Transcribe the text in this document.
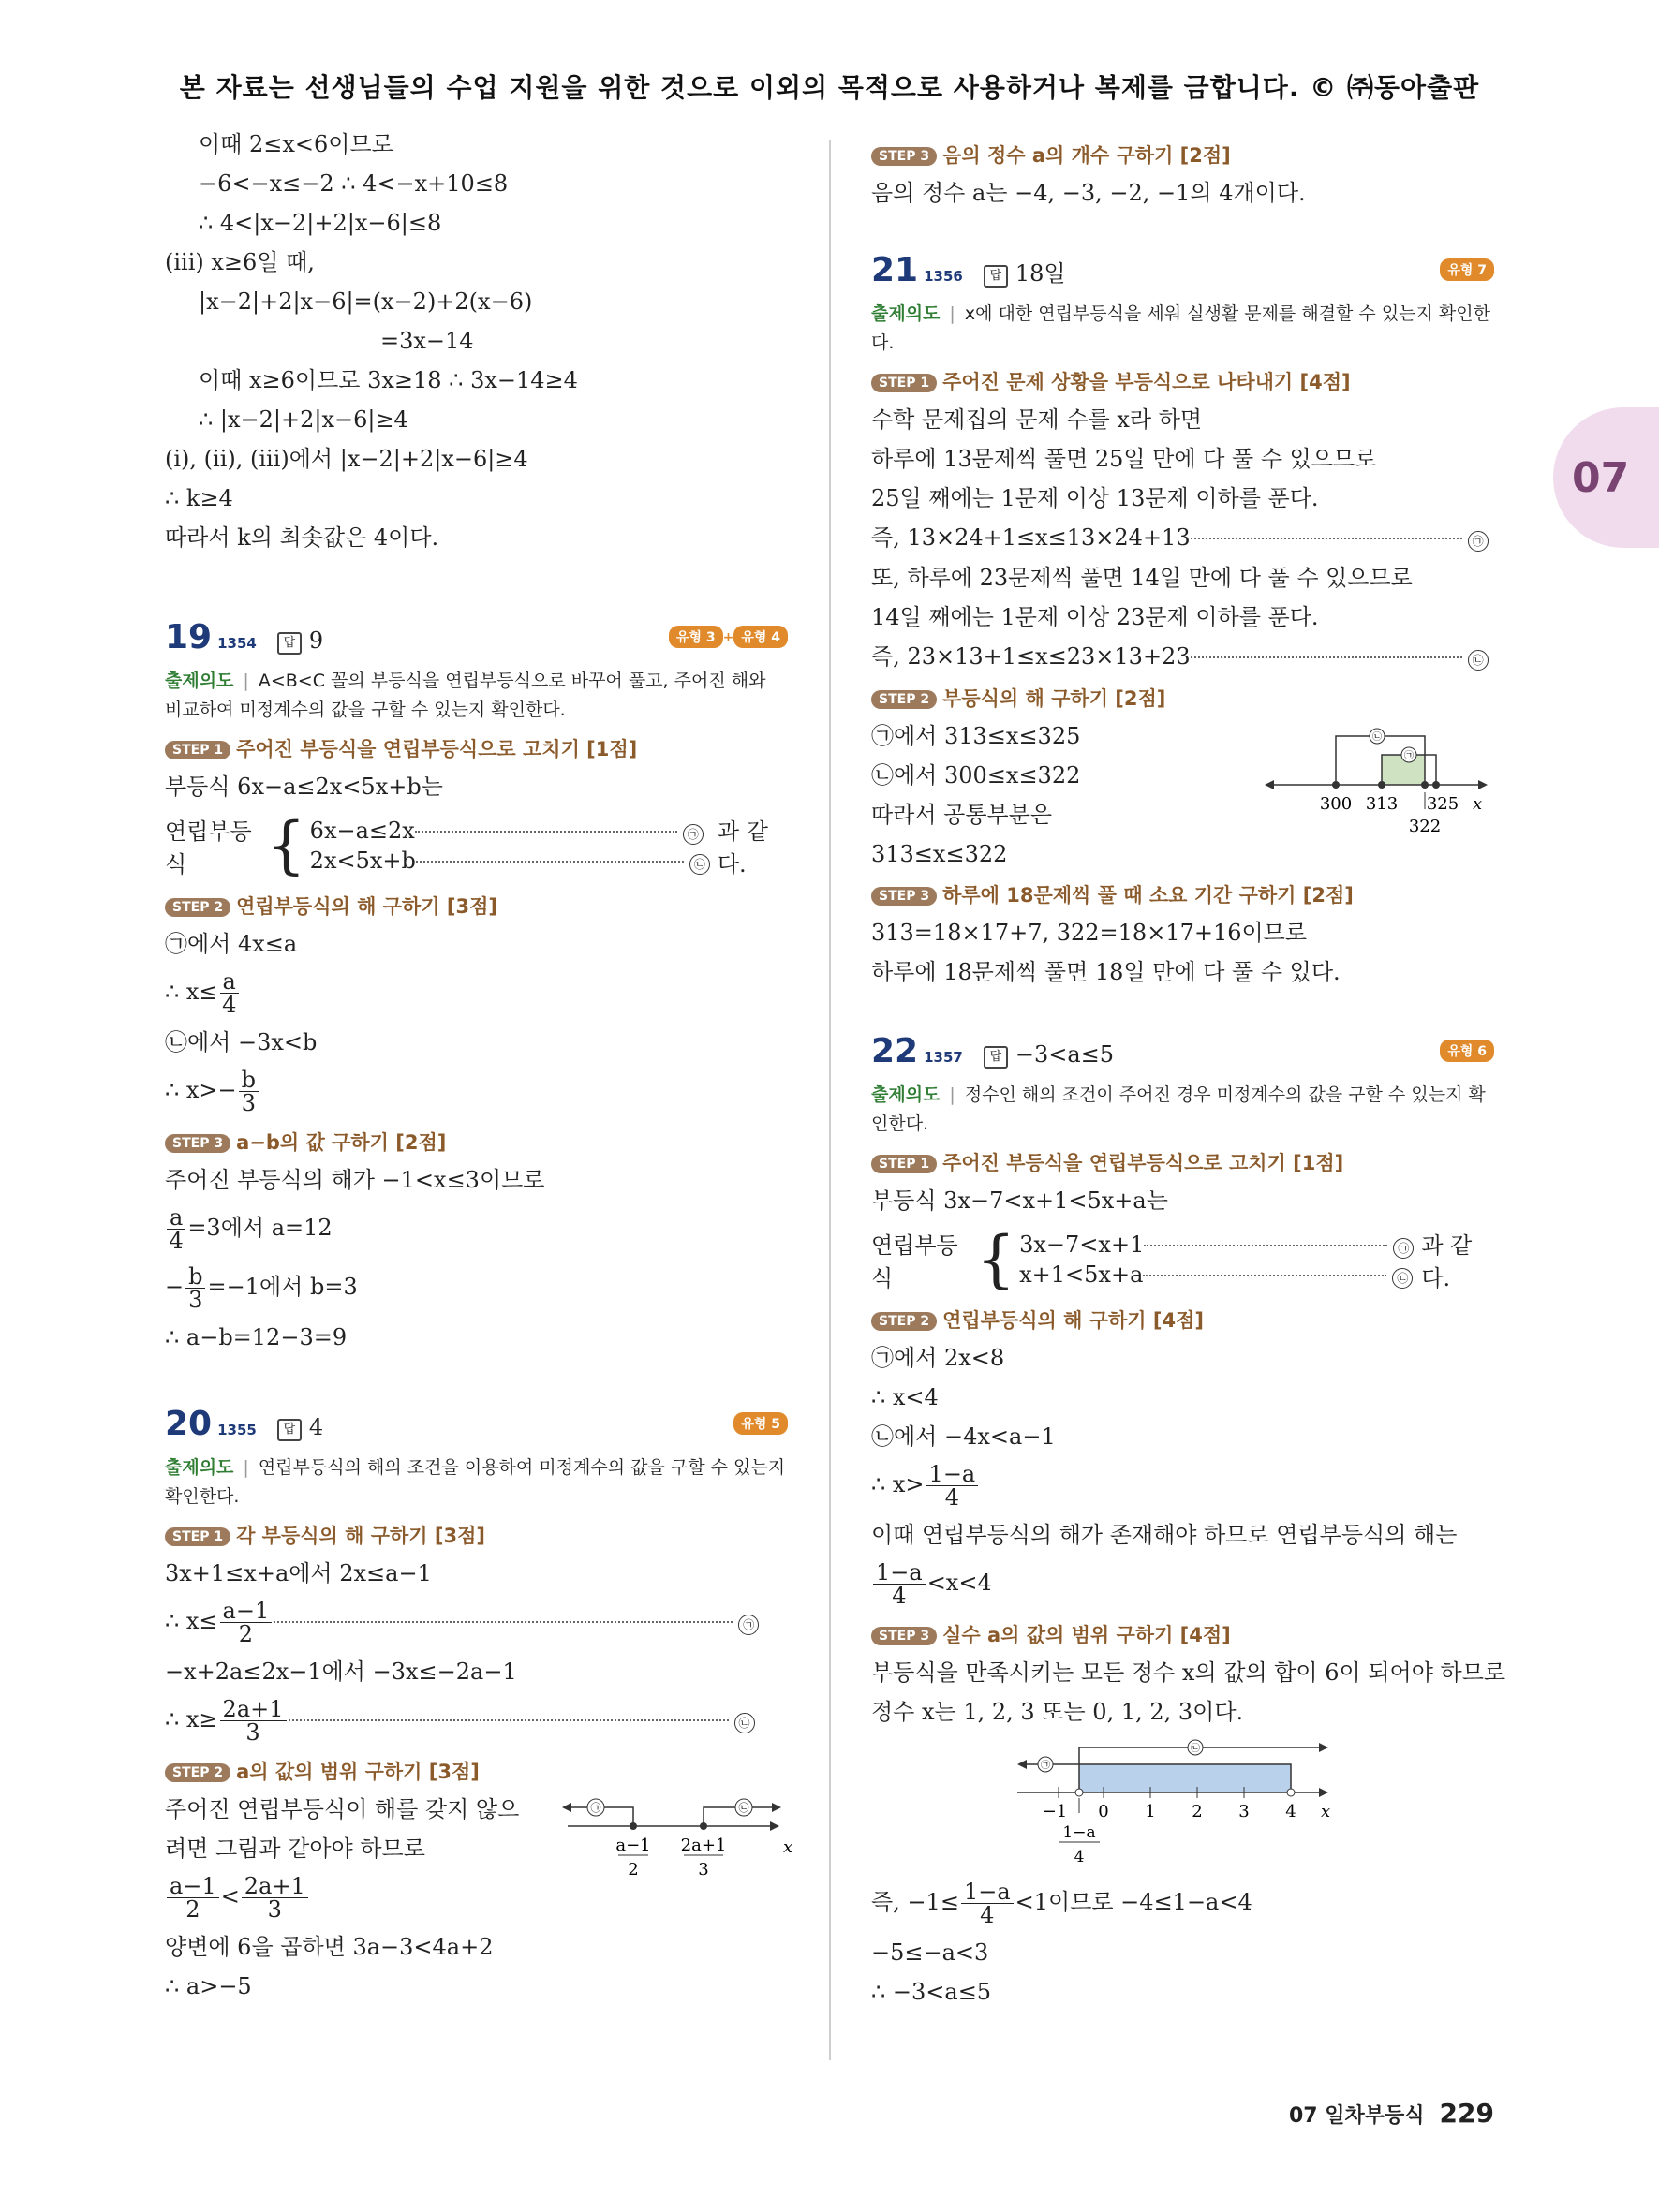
본 자료는 선생님들의 수업 지원을 위한 것으로 이외의 목적으로 사용하거나 복제를 금합니다. © ㈜동아출판
07
이때 2≤x<6이므로
−6<−x≤−2 ∴ 4<−x+10≤8
∴ 4<|x−2|+2|x−6|≤8
(iii) x≥6일 때,
|x−2|+2|x−6|=(x−2)+2(x−6)
=3x−14
이때 x≥6이므로 3x≥18 ∴ 3x−14≥4
∴ |x−2|+2|x−6|≥4
(i), (ii), (iii)에서 |x−2|+2|x−6|≥4
∴ k≥4
따라서 k의 최솟값은 4이다.
19 1354 답 9	유형 3 + 유형 4
출제의도 | A<B<C 꼴의 부등식을 연립부등식으로 바꾸어 풀고, 주어진 해와 비교하여 미정계수의 값을 구할 수 있는지 확인한다.
STEP 1 주어진 부등식을 연립부등식으로 고치기 [1점]
부등식 6x−a≤2x<5x+b는
연립부등식	{ 6x−a≤2x	㉠
2x<5x+b	㉡
과 같다.
STEP 2 연립부등식의 해 구하기 [3점]
㉠에서 4x≤a
∴ $x\le \frac{a}{4}$
㉡에서 −3x<b
∴ $x>- \frac{b}{3}$
STEP 3 a−b의 값 구하기 [2점]
주어진 부등식의 해가 −1<x≤3이므로
$\frac{a}{4} =3$에서 a=12
− $\frac{b}{3} =-1$에서 b=3
∴ a−b=12−3=9
20 1355 답 4	유형 5
출제의도 | 연립부등식의 해의 조건을 이용하여 미정계수의 값을 구할 수 있는지 확인한다.
STEP 1 각 부등식의 해 구하기 [3점]
3x+1≤x+a에서 2x≤a−1
∴ $x\le \frac{a-1}{2}$	㉠
−x+2a≤2x−1에서 −3x≤−2a−1
∴ $x\ge \frac{2a+1}{3}$	㉡
STEP 2 a의 값의 범위 구하기 [3점]
주어진 연립부등식이 해를 갖지 않으
려면 그림과 같아야 하므로
$\frac{a-1}{2} < \frac{2a+1}{3}$
㉠	㉡
a−1
2
2a+1
3
x
양변에 6을 곱하면 3a−3<4a+2
∴ a>−5
STEP 3 음의 정수 a의 개수 구하기 [2점]
음의 정수 a는 −4, −3, −2, −1의 4개이다.
21 1356 답 18일	유형 7
출제의도 | x에 대한 연립부등식을 세워 실생활 문제를 해결할 수 있는지 확인한다.
STEP 1 주어진 문제 상황을 부등식으로 나타내기 [4점]
수학 문제집의 문제 수를 x라 하면
하루에 13문제씩 풀면 25일 만에 다 풀 수 있으므로
25일 째에는 1문제 이상 13문제 이하를 푼다.
즉, 13×24+1≤x≤13×24+13	㉠
또, 하루에 23문제씩 풀면 14일 만에 다 풀 수 있으므로
14일 째에는 1문제 이상 23문제 이하를 푼다.
즉, 23×13+1≤x≤23×13+23	㉡
STEP 2 부등식의 해 구하기 [2점]
㉠에서 313≤x≤325
㉡에서 300≤x≤322
따라서 공통부분은
313≤x≤322
㉡
㉠
300 313 325
322
x
STEP 3 하루에 18문제씩 풀 때 소요 기간 구하기 [2점]
313=18×17+7, 322=18×17+16이므로
하루에 18문제씩 풀면 18일 만에 다 풀 수 있다.
22 1357 답 −3<a≤5	유형 6
출제의도 | 정수인 해의 조건이 주어진 경우 미정계수의 값을 구할 수 있는지 확인한다.
STEP 1 주어진 부등식을 연립부등식으로 고치기 [1점]
부등식 3x−7<x+1<5x+a는
연립부등식	{ 3x−7<x+1	㉠
x+1<5x+a	㉡
과 같다.
STEP 2 연립부등식의 해 구하기 [4점]
㉠에서 2x<8
∴ x<4
㉡에서 −4x<a−1
∴ $x> \frac{1-a}{4}$
이때 연립부등식의 해가 존재해야 하므로 연립부등식의 해는
$\frac{1-a}{4} <x<4$
STEP 3 실수 a의 값의 범위 구하기 [4점]
부등식을 만족시키는 모든 정수 x의 값의 합이 6이 되어야 하므로
정수 x는 1, 2, 3 또는 0, 1, 2, 3이다.
㉠
㉡
−1 0 1 2 3 4 x
1−a
4
즉, $-1\le \frac{1-a}{4} <1$이므로 −4≤1−a<4
−5≤−a<3
∴ −3<a≤5
07 일차부등식 229
